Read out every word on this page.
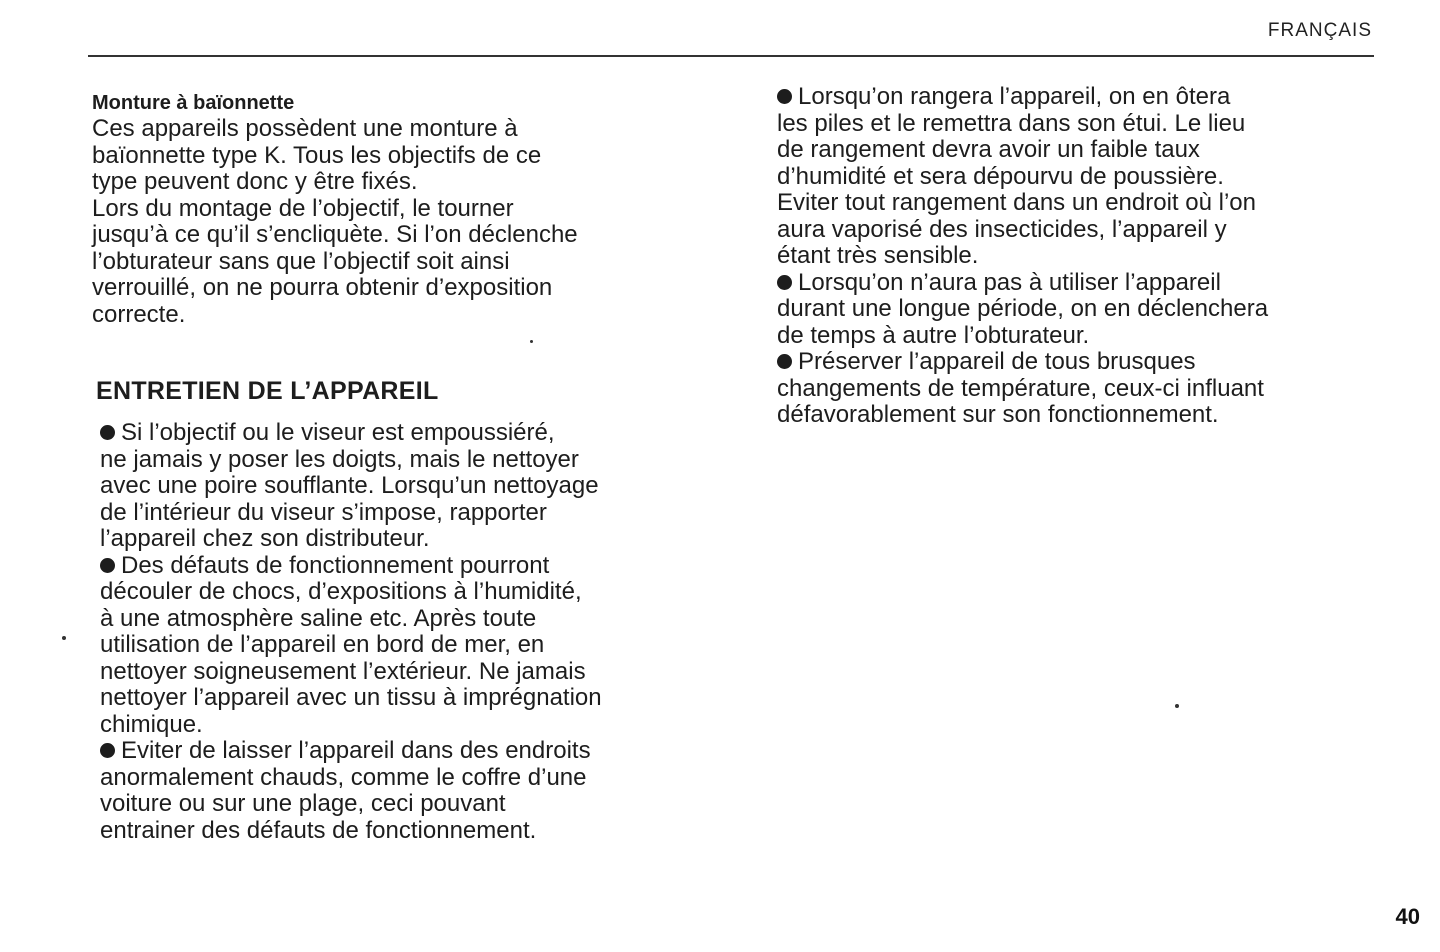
FRANÇAIS
Monture à baïonnette

Ces appareils possèdent une monture à
baïonnette type K. Tous les objectifs de ce
type peuvent donc y être fixés.
Lors du montage de l’objectif, le tourner
jusqu’à ce qu’il s’encliquète. Si l’on déclenche
l’obturateur sans que l’objectif soit ainsi
verrouillé, on ne pourra obtenir d’exposition
correcte.

ENTRETIEN DE L’APPAREIL
Si l’objectif ou le viseur est empoussiéré,
ne jamais y poser les doigts, mais le nettoyer
avec une poire soufflante. Lorsqu’un nettoyage
de l’intérieur du viseur s’impose, rapporter
l’appareil chez son distributeur.
Des défauts de fonctionnement pourront
découler de chocs, d’expositions à l’humidité,
à une atmosphère saline etc. Après toute
utilisation de l’appareil en bord de mer, en
nettoyer soigneusement l’extérieur. Ne jamais
nettoyer l’appareil avec un tissu à imprégnation
chimique.
Eviter de laisser l’appareil dans des endroits
anormalement chauds, comme le coffre d’une
voiture ou sur une plage, ceci pouvant
entrainer des défauts de fonctionnement.
Lorsqu’on rangera l’appareil, on en ôtera
les piles et le remettra dans son étui. Le lieu
de rangement devra avoir un faible taux
d’humidité et sera dépourvu de poussière.
Eviter tout rangement dans un endroit où l’on
aura vaporisé des insecticides, l’appareil y
étant très sensible.
Lorsqu’on n’aura pas à utiliser l’appareil
durant une longue période, on en déclenchera
de temps à autre l’obturateur.
Préserver l’appareil de tous brusques
changements de température, ceux-ci influant
défavorablement sur son fonctionnement.
40
